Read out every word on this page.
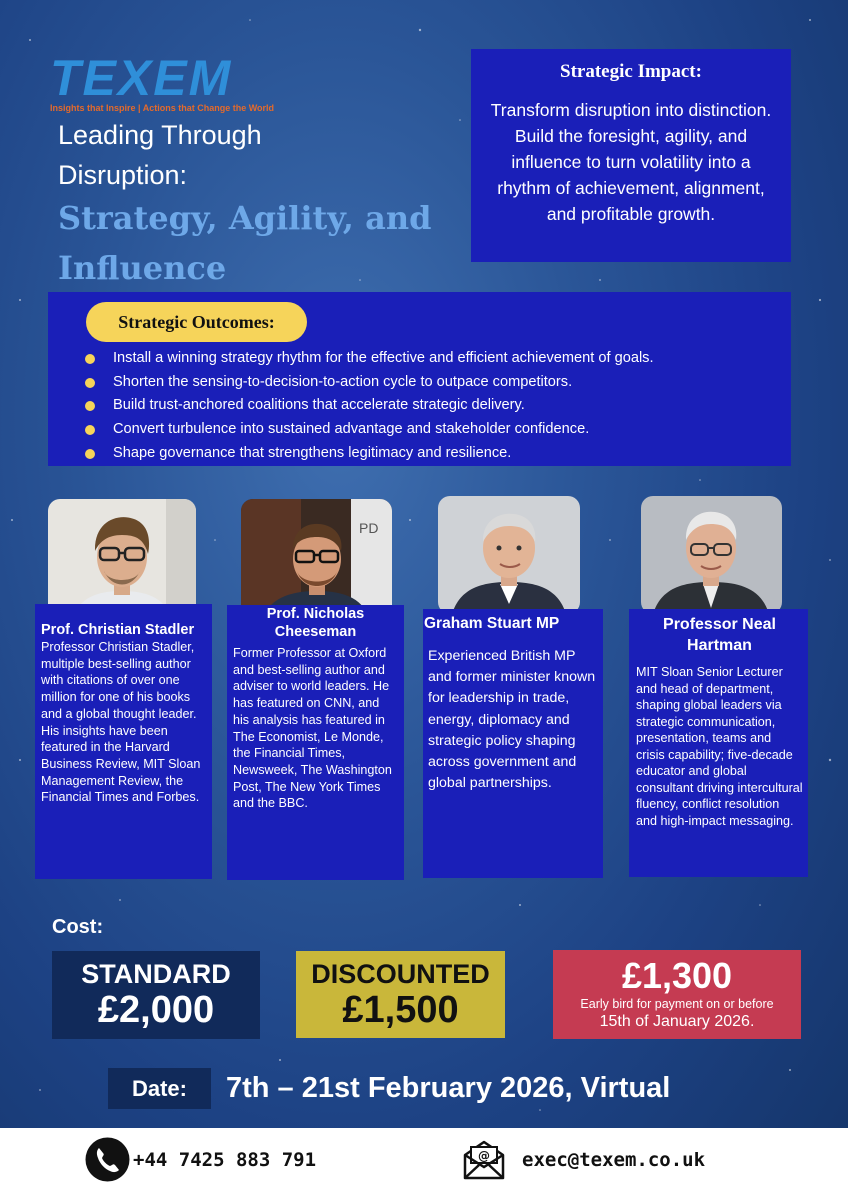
TEXEM
Insights that Inspire | Actions that Change the World
Leading Through
Disruption:
Strategy, Agility, and
Influence
Strategic Impact:
Transform disruption into distinction. Build the foresight, agility, and influence to turn volatility into a rhythm of achievement, alignment, and profitable growth.
Strategic Outcomes:
Install a winning strategy rhythm for the effective and efficient achievement of goals.
Shorten the sensing-to-decision-to-action cycle to outpace competitors.
Build trust-anchored coalitions that accelerate strategic delivery.
Convert turbulence into sustained advantage and stakeholder confidence.
Shape governance that strengthens legitimacy and resilience.
Prof. Christian Stadler
Professor Christian Stadler, multiple best-selling author with citations of over one million for one of his books and a global thought leader. His insights have been featured in the Harvard Business Review, MIT Sloan Management Review, the Financial Times and Forbes.
PD
Prof. Nicholas
Cheeseman
Former Professor at Oxford and best-selling author and adviser to world leaders. He has featured on CNN, and his analysis has featured in The Economist, Le Monde, the Financial Times, Newsweek, The Washington Post, The New York Times and the BBC.
Graham Stuart MP
Experienced British MP and former minister known for leadership in trade, energy, diplomacy and strategic policy shaping across government and global partnerships.
Professor Neal
Hartman
MIT Sloan Senior Lecturer and head of department, shaping global leaders via strategic communication, presentation, teams and crisis capability; five-decade educator and global consultant driving intercultural fluency, conflict resolution and high-impact messaging.
Cost:
STANDARD
£2,000
DISCOUNTED
£1,500
£1,300
Early bird for payment on or before
15th of January 2026.
Date:	7th – 21st February 2026, Virtual
+44 7425 883 791	@ exec@texem.co.uk
